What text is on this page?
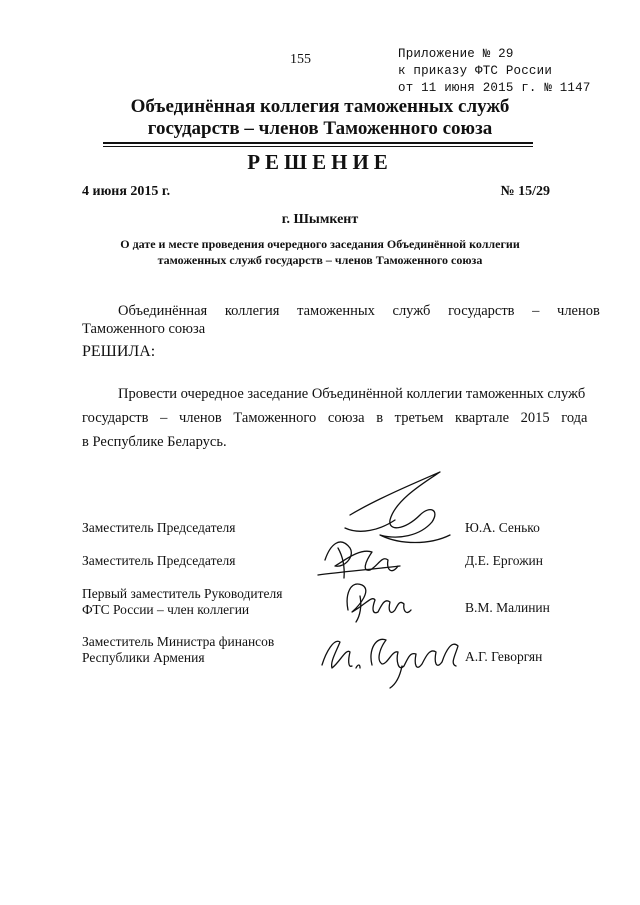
155	Приложение № 29
к приказу ФТС России
от 11 июня 2015 г. № 1147
Объединённая коллегия таможенных служб
государств – членов Таможенного союза
РЕШЕНИЕ
4 июня 2015 г.	№ 15/29
г. Шымкент
О дате и месте проведения очередного заседания Объединённой коллегии
таможенных служб государств – членов Таможенного союза
Объединённая коллегия таможенных служб государств – членов
Таможенного союза
РЕШИЛА:
Провести очередное заседание Объединённой коллегии таможенных служб
государств – членов Таможенного союза в третьем квартале 2015 года
в Республике Беларусь.
Заместитель Председателя
Заместитель Председателя
Первый заместитель Руководителя
ФТС России – член коллегии
Заместитель Министра финансов
Республики Армения
Ю.А. Сенько
Д.Е. Ергожин
В.М. Малинин
А.Г. Геворгян
